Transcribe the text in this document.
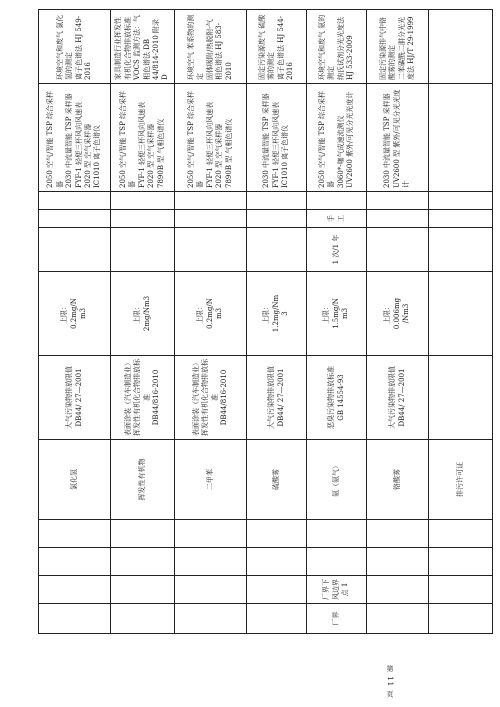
第 11 页
				氯化氢	大气污染物排放限值 DB44/ 27—2001	上限： 0.2mg/N m3				2050 空气/智能 TSP 综合采样器 2030 中流量智能 TSP 采样器 FYF-1 轻便三杯风向风速表 2020 型 空气采样器 IC1010 离子色谱仪	环境空气和废气 氯化氢的测定 离子色谱法 HJ 549-2016

				挥发性有机物	表面涂装（汽车制造业）挥发性有机化合物排放标准 DB44/816-2010	上限： 2mg/Nm3				2050 空气/智能 TSP 综合采样器 FYF-1 轻便三杯风向风速表 2020 型 空气采样器 7890B 型 气相色谱仪	家具制造行业挥发性有机化合物排放标准 VOCS 监测方法：气相色谱法 DB 44/814-2010 附录 D

				二甲苯	表面涂装（汽车制造业）挥发性有机化合物排放标准 DB44/816-2010	上限： 0.2mg/N m3				2050 空气/智能 TSP 综合采样器 FYF-1 轻便三杯风向风速表 2020 型 空气采样器 7890B 型 气相色谱仪	环境空气 苯系物的测定 固体吸附/热脱附-气相色谱法 HJ 583-2010

				硫酸雾	大气污染物排放限值 DB44/ 27—2001	上限： 1.2mg/Nm 3				2030 中流量智能 TSP 采样器 FYF-1 轻便三杯风向风速表 IC1010 离子色谱仪	固定污染源废气 硫酸雾的测定 离子色谱法 HJ 544-2016

厂界	厂界下风边界点 1			氨（氨气）	恶臭污染物排放标准 GB 14554-93	上限： 1.5mg/N m3	1 次/1 年	手工		2050 空气/智能 TSP 综合采样器 3060*-噻气成速流测仪 UV2600 紫外/可见分光光度计	环境空气和废气 氨的测定 纳氏试剂分光光度法 HJ 533-2009

				铬酸雾	大气污染物排放限值 DB44/ 27—2001	上限： 0.006mg /Nm3				2030 中流量智能 TSP 采样器 UV2600 型 紫外/可见分光光度计	固定污染源排气中铬酸雾的测定 二苯碳酰二肼分光光度法 HJ/T 29-1999

				排污许可证							
